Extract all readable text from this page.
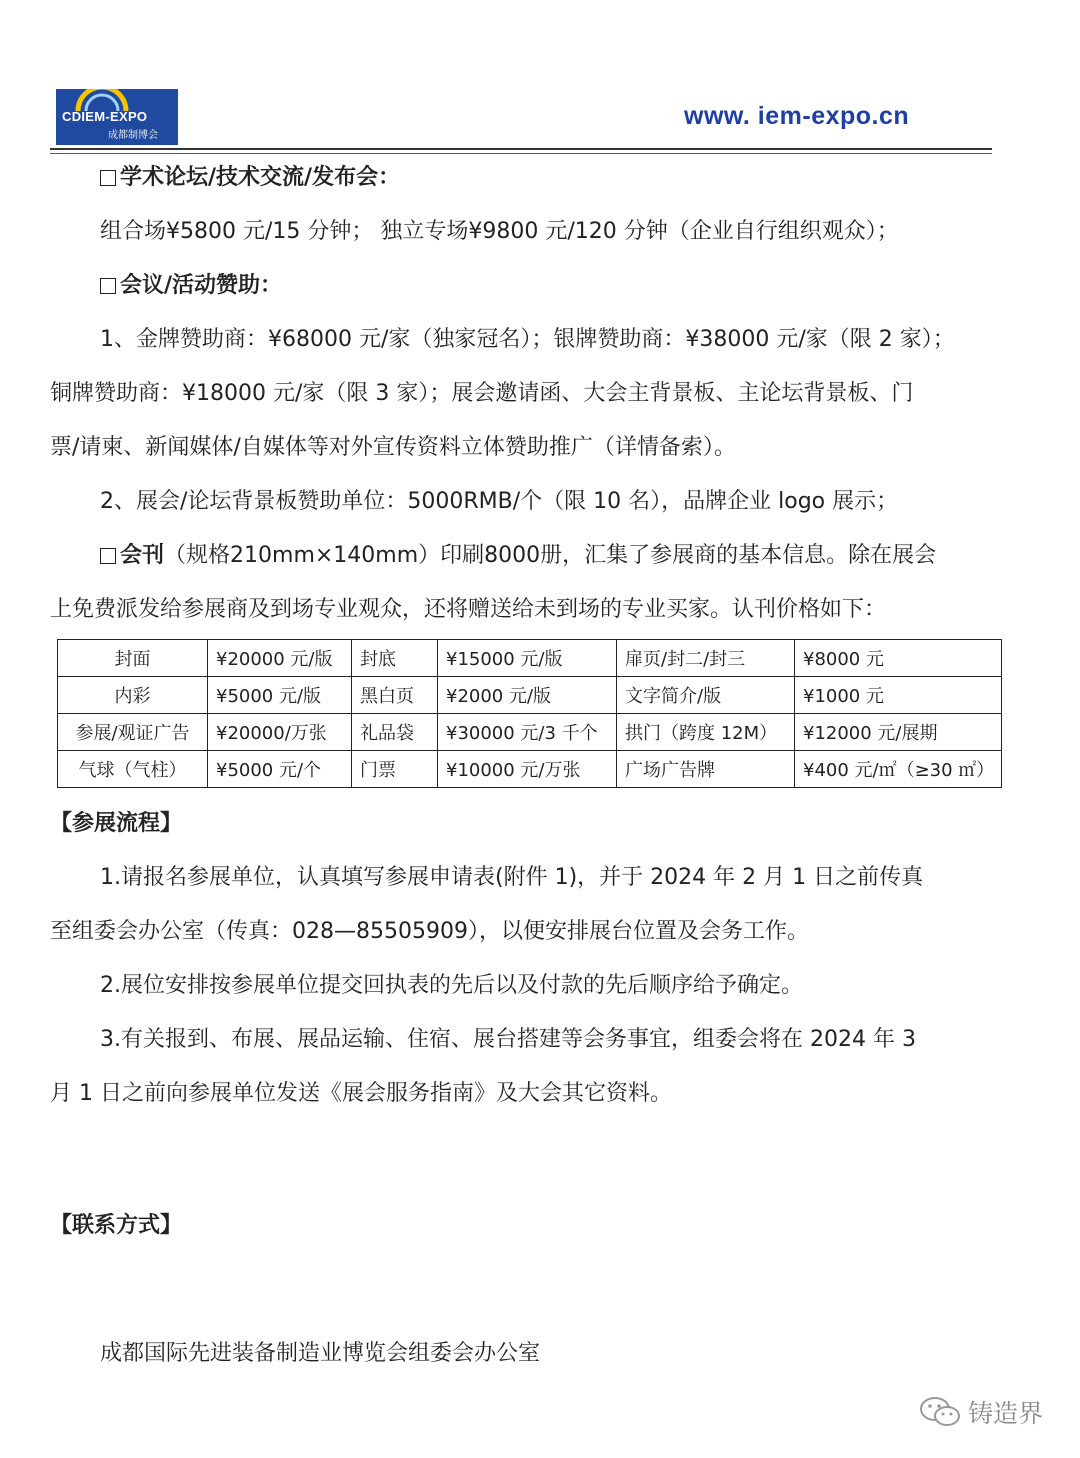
CDIEM-EXPO
成都制博会
www. iem-expo.cn
学术论坛/技术交流/发布会：
组合场¥5800 元/15 分钟； 独立专场¥9800 元/120 分钟（企业自行组织观众）；
会议/活动赞助：
1、金牌赞助商：¥68000 元/家（独家冠名）；银牌赞助商：¥38000 元/家（限 2 家）；
铜牌赞助商：¥18000 元/家（限 3 家）；展会邀请函、大会主背景板、主论坛背景板、门
票/请柬、新闻媒体/自媒体等对外宣传资料立体赞助推广（详情备索）。
2、展会/论坛背景板赞助单位：5000RMB/个（限 10 名），品牌企业 logo 展示；
会刊（规格210mm×140mm）印刷8000册，汇集了参展商的基本信息。除在展会
上免费派发给参展商及到场专业观众，还将赠送给未到场的专业买家。认刊价格如下：
封面	¥20000 元/版	封底	¥15000 元/版	扉页/封二/封三	¥8000 元
内彩	¥5000 元/版	黑白页	¥2000 元/版	文字简介/版	¥1000 元
参展/观证广告	¥20000/万张	礼品袋	¥30000 元/3 千个	拱门（跨度 12M）	¥12000 元/展期
气球（气柱）	¥5000 元/个	门票	¥10000 元/万张	广场广告牌	¥400 元/㎡（≥30 ㎡）
【参展流程】
1.请报名参展单位，认真填写参展申请表(附件 1)，并于 2024 年 2 月 1 日之前传真
至组委会办公室（传真：028—85505909），以便安排展台位置及会务工作。
2.展位安排按参展单位提交回执表的先后以及付款的先后顺序给予确定。
3.有关报到、布展、展品运输、住宿、展台搭建等会务事宜，组委会将在 2024 年 3
月 1 日之前向参展单位发送《展会服务指南》及大会其它资料。
【联系方式】
成都国际先进装备制造业博览会组委会办公室
铸造界
